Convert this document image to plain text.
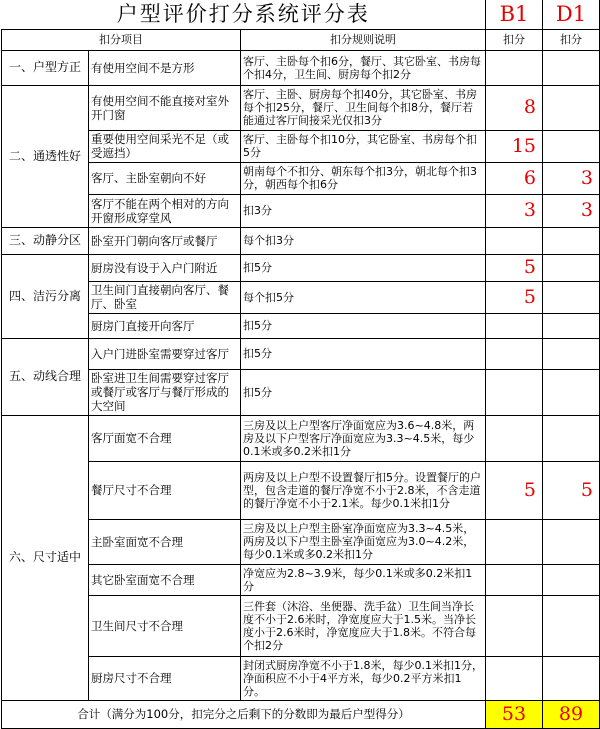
户型评价打分系统评分表			B1	D1
扣分项目		扣分规则说明	扣分	扣分
一、户型方正	有使用空间不是方形	客厅、主卧每个扣6分，餐厅、其它卧室、书房每个扣4分，卫生间、厨房每个扣2分		
二、通透性好	有使用空间不能直接对室外开门窗	客厅、主卧、厨房每个扣40分，其它卧室、书房每个扣25分，餐厅、卫生间每个扣8分，餐厅若能通过客厅间接采光仅扣3分	8	
	重要使用空间采光不足（或受遮挡）	客厅、主卧每个扣10分，其它卧室、书房每个扣5分	15	
	客厅、主卧室朝向不好	朝南每个不扣分、朝东每个扣3分，朝北每个扣3分，朝西每个扣6分	6	3
	客厅不能在两个相对的方向开窗形成穿堂风	扣3分	3	3
三、动静分区	卧室开门朝向客厅或餐厅	每个扣3分		
四、洁污分离	厨房没有设于入户门附近	扣5分	5	
	卫生间门直接朝向客厅、餐厅、卧室	每个扣5分	5	
	厨房门直接开向客厅	扣5分		
五、动线合理	入户门进卧室需要穿过客厅	扣5分		
	卧室进卫生间需要穿过客厅或餐厅或客厅与餐厅形成的大空间	扣5分		
六、尺寸适中	客厅面宽不合理	三房及以上户型客厅净面宽应为3.6~4.8米，两房及以下户型客厅净面宽应为3.3~4.5米，每少0.1米或多0.2米扣1分		
	餐厅尺寸不合理	两房及以上户型不设置餐厅扣5分。设置餐厅的户型，包含走道的餐厅净宽不小于2.8米，不含走道的餐厅净宽不小于2.1米。每少0.1米扣1分	5	5
	主卧室面宽不合理	三房及以上户型主卧室净面宽应为3.3~4.5米，两房及以下户型主卧室净面宽应为3.0~4.2米，每少0.1米或多0.2米扣1分		
	其它卧室面宽不合理	净宽应为2.8~3.9米，每少0.1米或多0.2米扣1分		
	卫生间尺寸不合理	三件套（沐浴、坐便器、洗手盆）卫生间当净长度不小于2.6米时，净宽度应大于1.5米。当净长度小于2.6米时，净宽度应大于1.8米。不符合每个扣2分		
	厨房尺寸不合理	封闭式厨房净宽不小于1.8米，每少0.1米扣1分，净面积应不小于4平方米，每少0.2平方米扣1分。		
合计（满分为100分，扣完分之后剩下的分数即为最后户型得分）			53	89
